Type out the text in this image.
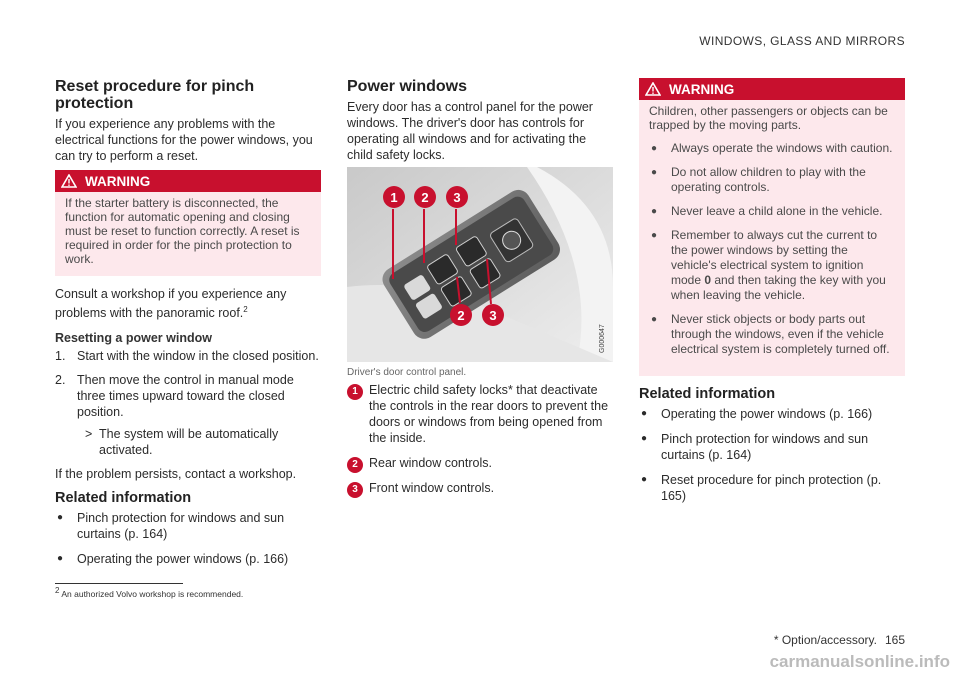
WINDOWS, GLASS AND MIRRORS
Reset procedure for pinch protection

If you experience any problems with the electrical functions for the power windows, you can try to perform a reset.

WARNING
If the starter battery is disconnected, the function for automatic opening and closing must be reset to function correctly. A reset is required in order for the pinch protection to work.

Consult a workshop if you experience any problems with the panoramic roof.$^2$

Resetting a power window
1. Start with the window in the closed position.
2. Then move the control in manual mode three times upward toward the closed position.
> The system will be automatically activated.

If the problem persists, contact a workshop.

Related information
● Pinch protection for windows and sun curtains (p. 164)
● Operating the power windows (p. 166)
Power windows

Every door has a control panel for the power windows. The driver's door has controls for operating all windows and for activating the child safety locks.

1 2 3
2 3
G000647
Driver's door control panel.
1 Electric child safety locks* that deactivate the controls in the rear doors to prevent the doors or windows from being opened from the inside.
2 Rear window controls.
3 Front window controls.
WARNING
Children, other passengers or objects can be trapped by the moving parts.
● Always operate the windows with caution.
● Do not allow children to play with the operating controls.
● Never leave a child alone in the vehicle.
● Remember to always cut the current to the power windows by setting the vehicle's electrical system to ignition mode 0 and then taking the key with you when leaving the vehicle.
● Never stick objects or body parts out through the windows, even if the vehicle electrical system is completely turned off.
Related information
● Operating the power windows (p. 166)
● Pinch protection for windows and sun curtains (p. 164)
● Reset procedure for pinch protection (p. 165)
$^2$ An authorized Volvo workshop is recommended.
* Option/accessory. 165
carmanualsonline.info
